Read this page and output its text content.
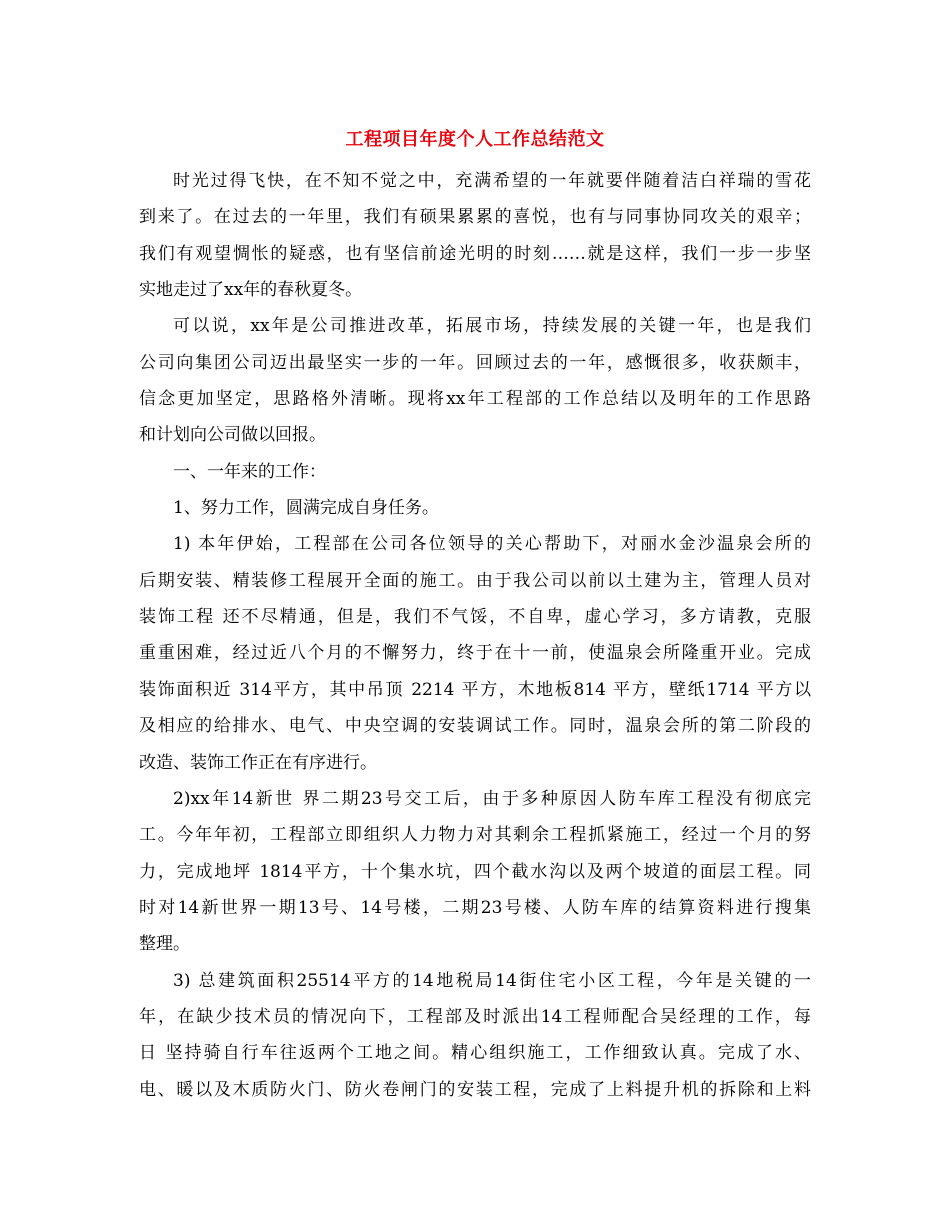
工程项目年度个人工作总结范文
时光过得飞快，在不知不觉之中，充满希望的一年就要伴随着洁白祥瑞的雪花
到来了。在过去的一年里，我们有硕果累累的喜悦，也有与同事协同攻关的艰辛；
我们有观望惆怅的疑惑，也有坚信前途光明的时刻……就是这样，我们一步一步坚
实地走过了xx年的春秋夏冬。
可以说，xx年是公司推进改革，拓展市场，持续发展的关键一年，也是我们
公司向集团公司迈出最坚实一步的一年。回顾过去的一年，感慨很多，收获颇丰，
信念更加坚定，思路格外清晰。现将xx年工程部的工作总结以及明年的工作思路
和计划向公司做以回报。
一、一年来的工作：
1、努力工作，圆满完成自身任务。
1) 本年伊始，工程部在公司各位领导的关心帮助下，对丽水金沙温泉会所的
后期安装、精装修工程展开全面的施工。由于我公司以前以土建为主，管理人员对
装饰工程 还不尽精通，但是，我们不气馁，不自卑，虚心学习，多方请教，克服
重重困难，经过近八个月的不懈努力，终于在十一前，使温泉会所隆重开业。完成
装饰面积近 314平方，其中吊顶 2214 平方，木地板814 平方，壁纸1714 平方以
及相应的给排水、电气、中央空调的安装调试工作。同时，温泉会所的第二阶段的
改造、装饰工作正在有序进行。
2)xx年14新世 界二期23号交工后，由于多种原因人防车库工程没有彻底完
工。今年年初，工程部立即组织人力物力对其剩余工程抓紧施工，经过一个月的努
力，完成地坪 1814平方，十个集水坑，四个截水沟以及两个坡道的面层工程。同
时对14新世界一期13号、14号楼，二期23号楼、人防车库的结算资料进行搜集
整理。
3) 总建筑面积25514平方的14地税局14街住宅小区工程，今年是关键的一
年，在缺少技术员的情况向下，工程部及时派出14工程师配合吴经理的工作，每
日 坚持骑自行车往返两个工地之间。精心组织施工，工作细致认真。完成了水、
电、暖以及木质防火门、防火卷闸门的安装工程，完成了上料提升机的拆除和上料
